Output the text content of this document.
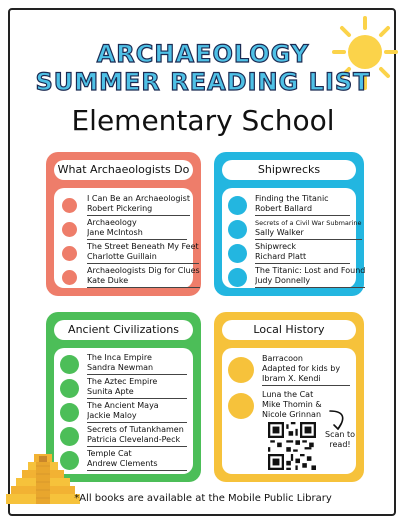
ARCHAEOLOGY
SUMMER READING LIST
Elementary School
What Archaeologists Do
I Can Be an Archaeologist
Robert Pickering
Archaeology
Jane McIntosh
The Street Beneath My Feet
Charlotte Guillain
Archaeologists Dig for Clues
Kate Duke
Shipwrecks
Finding the Titanic
Robert Ballard
Secrets of a Civil War Submarine
Sally Walker
Shipwreck
Richard Platt
The Titanic: Lost and Found
Judy Donnelly
Ancient Civilizations
The Inca Empire
Sandra Newman
The Aztec Empire
Sunita Apte
The Ancient Maya
Jackie Maloy
Secrets of Tutankhamen
Patricia Cleveland-Peck
Temple Cat
Andrew Clements
Local History
Barracoon
Adapted for kids by
Ibram X. Kendi
Luna the Cat
Mike Thomin &
Nicole Grinnan
Scan to
read!
*All books are available at the Mobile Public Library
